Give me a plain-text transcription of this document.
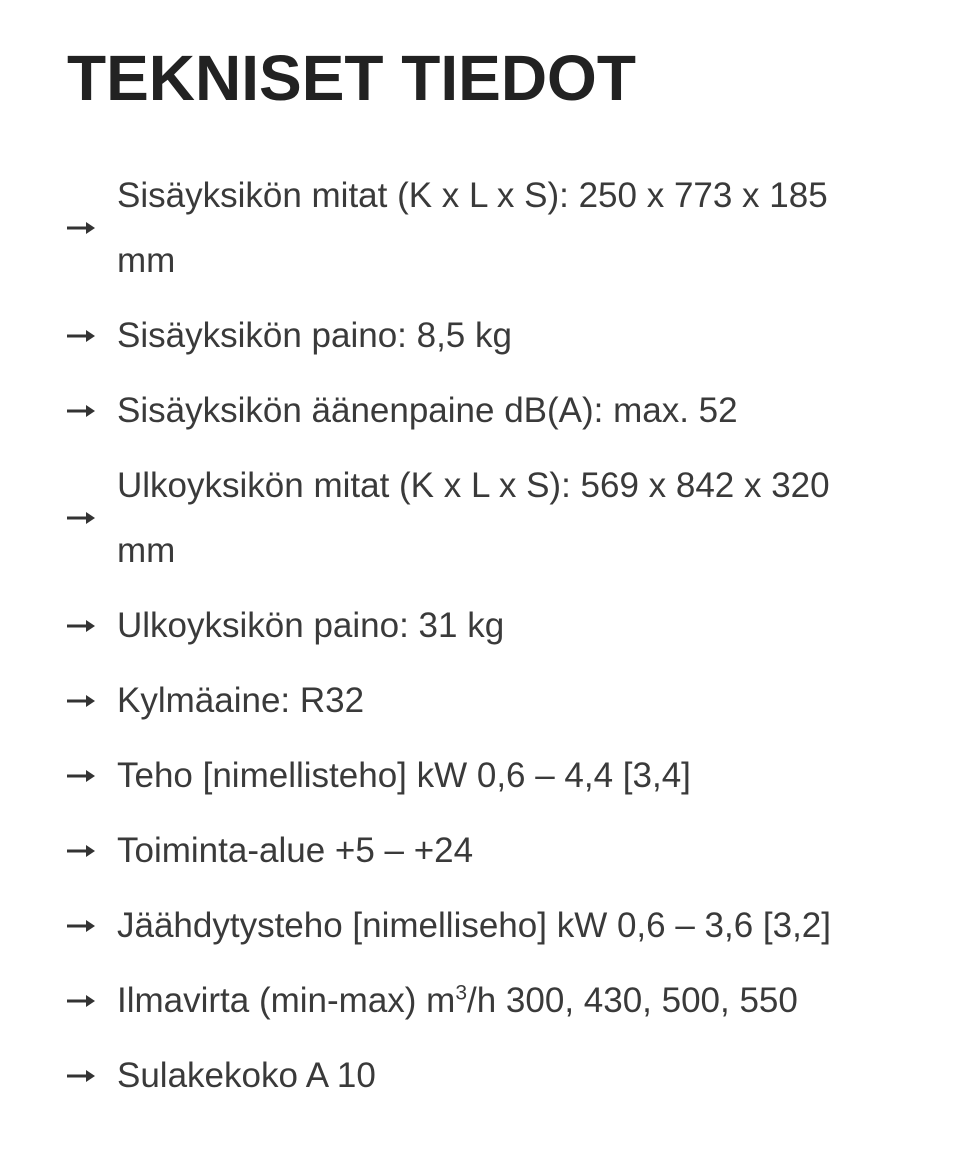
TEKNISET TIEDOT
Sisäyksikön mitat (K x L x S): 250 x 773 x 185 mm
Sisäyksikön paino: 8,5 kg
Sisäyksikön äänenpaine dB(A): max. 52
Ulkoyksikön mitat (K x L x S): 569 x 842 x 320 mm
Ulkoyksikön paino: 31 kg
Kylmäaine: R32
Teho [nimellisteho] kW 0,6 – 4,4 [3,4]
Toiminta-alue +5 – +24
Jäähdytysteho [nimelliseho] kW 0,6 – 3,6 [3,2]
Ilmavirta (min-max) $m^3/h$ 300, 430, 500, 550
Sulakekoko A 10
